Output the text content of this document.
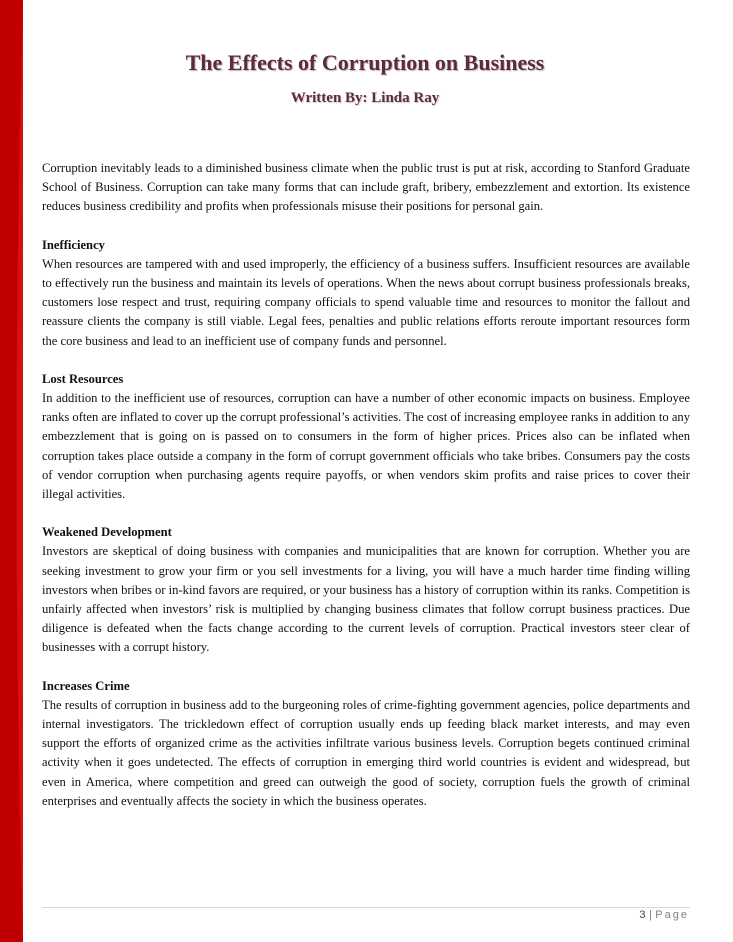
The Effects of Corruption on Business
Written By: Linda Ray

Corruption inevitably leads to a diminished business climate when the public trust is put at risk, according to Stanford Graduate School of Business. Corruption can take many forms that can include graft, bribery, embezzlement and extortion. Its existence reduces business credibility and profits when professionals misuse their positions for personal gain.

Inefficiency

When resources are tampered with and used improperly, the efficiency of a business suffers. Insufficient resources are available to effectively run the business and maintain its levels of operations. When the news about corrupt business professionals breaks, customers lose respect and trust, requiring company officials to spend valuable time and resources to monitor the fallout and reassure clients the company is still viable. Legal fees, penalties and public relations efforts reroute important resources form the core business and lead to an inefficient use of company funds and personnel.

Lost Resources

In addition to the inefficient use of resources, corruption can have a number of other economic impacts on business. Employee ranks often are inflated to cover up the corrupt professional’s activities. The cost of increasing employee ranks in addition to any embezzlement that is going on is passed on to consumers in the form of higher prices. Prices also can be inflated when corruption takes place outside a company in the form of corrupt government officials who take bribes. Consumers pay the costs of vendor corruption when purchasing agents require payoffs, or when vendors skim profits and raise prices to cover their illegal activities.

Weakened Development

Investors are skeptical of doing business with companies and municipalities that are known for corruption. Whether you are seeking investment to grow your firm or you sell investments for a living, you will have a much harder time finding willing investors when bribes or in-kind favors are required, or your business has a history of corruption within its ranks. Competition is unfairly affected when investors’ risk is multiplied by changing business climates that follow corrupt business practices. Due diligence is defeated when the facts change according to the current levels of corruption. Practical investors steer clear of businesses with a corrupt history.

Increases Crime

The results of corruption in business add to the burgeoning roles of crime-fighting government agencies, police departments and internal investigators. The trickledown effect of corruption usually ends up feeding black market interests, and may even support the efforts of organized crime as the activities infiltrate various business levels. Corruption begets continued criminal activity when it goes undetected. The effects of corruption in emerging third world countries is evident and widespread, but even in America, where competition and greed can outweigh the good of society, corruption fuels the growth of criminal enterprises and eventually affects the society in which the business operates.

3 | Page
